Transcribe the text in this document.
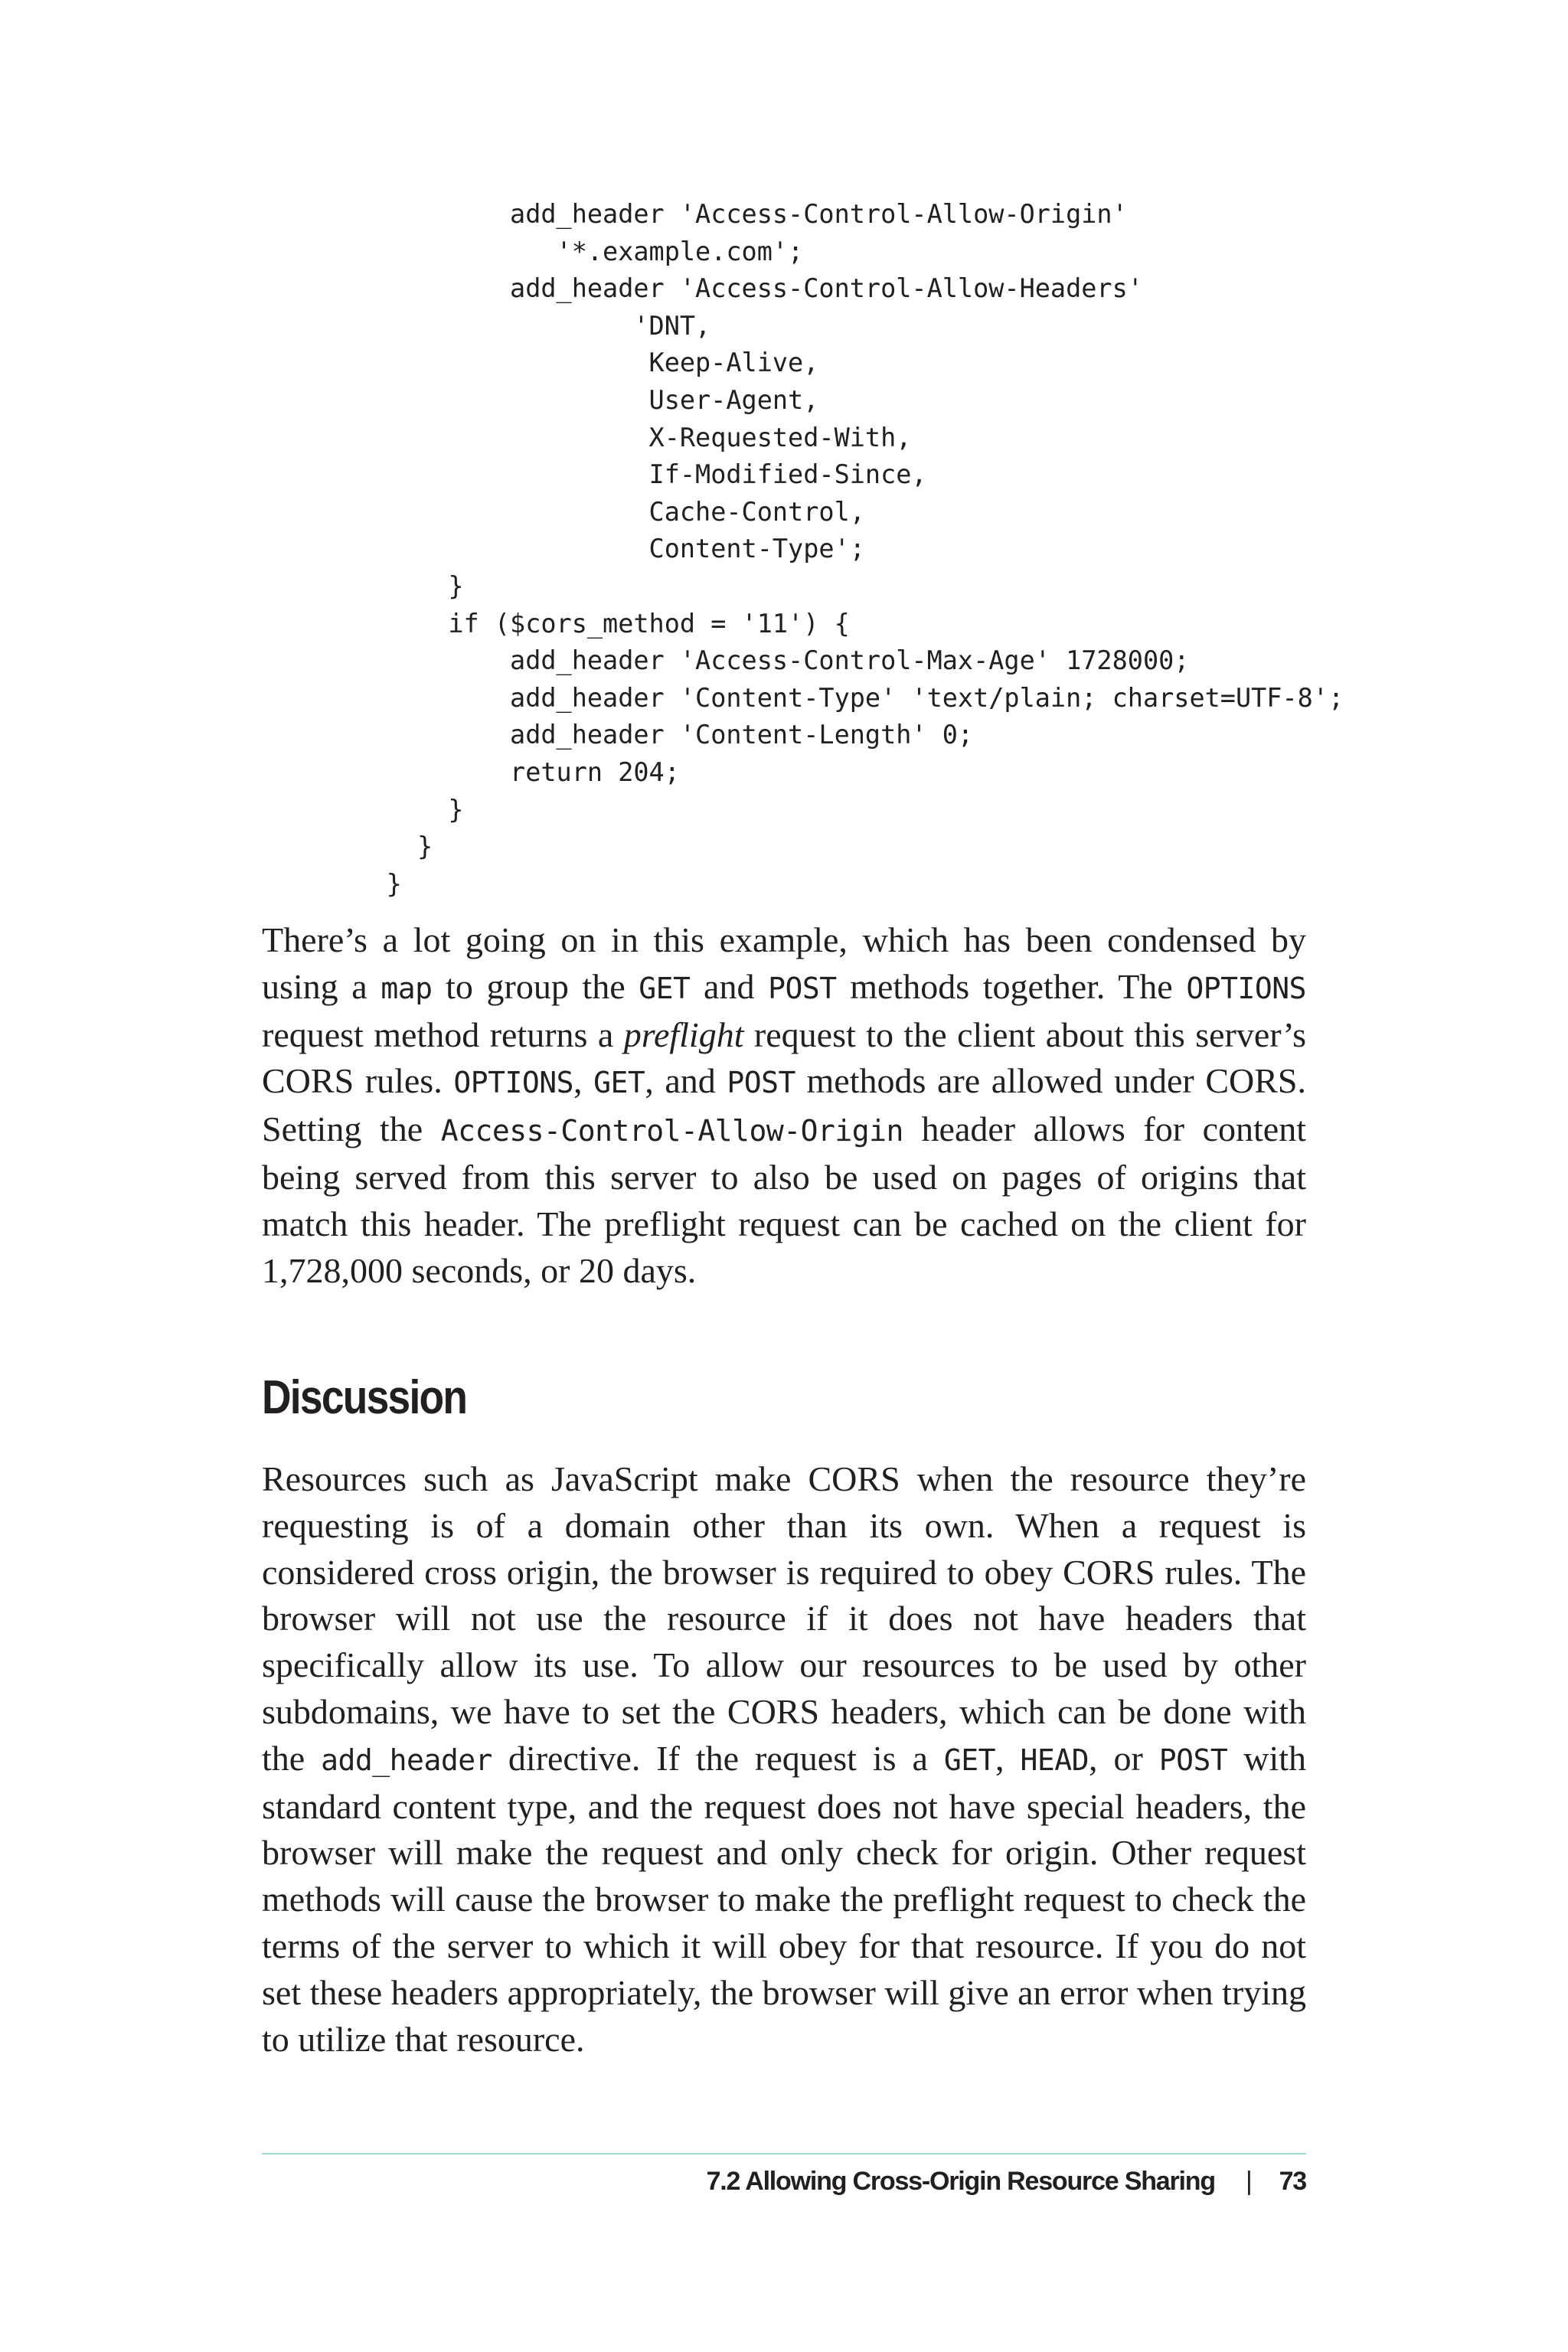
add_header 'Access-Control-Allow-Origin'
'*.example.com';
add_header 'Access-Control-Allow-Headers'
'DNT,
Keep-Alive,
User-Agent,
X-Requested-With,
If-Modified-Since,
Cache-Control,
Content-Type';
}
if ($cors_method = '11') {
add_header 'Access-Control-Max-Age' 1728000;
add_header 'Content-Type' 'text/plain; charset=UTF-8';
add_header 'Content-Length' 0;
return 204;
}
}
}

There’s a lot going on in this example, which has been condensed by using a map to group the GET and POST methods together. The OPTIONS request method returns a preflight request to the client about this server’s CORS rules. OPTIONS, GET, and POST methods are allowed under CORS. Setting the Access-Control-Allow-Origin header allows for content being served from this server to also be used on pages of origins that match this header. The preflight request can be cached on the client for 1,728,000 seconds, or 20 days.

Discussion

Resources such as JavaScript make CORS when the resource they’re requesting is of a domain other than its own. When a request is considered cross origin, the browser is required to obey CORS rules. The browser will not use the resource if it does not have headers that specifically allow its use. To allow our resources to be used by other subdomains, we have to set the CORS headers, which can be done with the add_header directive. If the request is a GET, HEAD, or POST with standard content type, and the request does not have special headers, the browser will make the request and only check for origin. Other request methods will cause the browser to make the preflight request to check the terms of the server to which it will obey for that resource. If you do not set these headers appropriately, the browser will give an error when trying to utilize that resource.

7.2 Allowing Cross-Origin Resource Sharing | 73
